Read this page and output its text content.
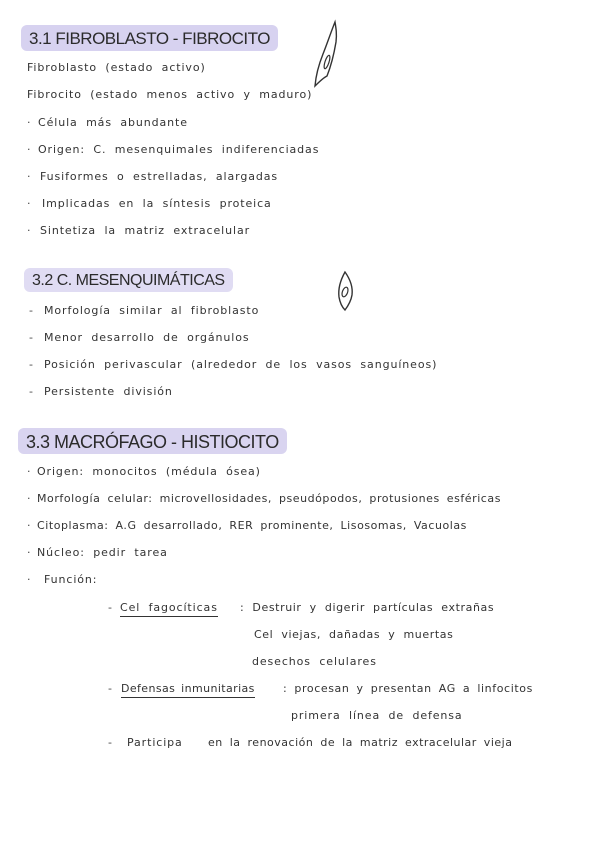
3.1 FIBROBLASTO - FIBROCITO
Fibroblasto (estado activo)
Fibrocito (estado menos activo y maduro)
· Célula más abundante
· Origen: C. mesenquimales indiferenciadas
· Fusiformes o estrelladas, alargadas
· Implicadas en la síntesis proteica
· Sintetiza la matriz extracelular
3.2 C. MESENQUIMÁTICAS
- Morfología similar al fibroblasto
- Menor desarrollo de orgánulos
- Posición perivascular (alrededor de los vasos sanguíneos)
- Persistente división
3.3 MACRÓFAGO - HISTIOCITO
· Origen: monocitos (médula ósea)
· Morfología celular: microvellosidades, pseudópodos, protusiones esféricas
· Citoplasma: A.G desarrollado, RER prominente, Lisosomas, Vacuolas
· Núcleo: pedir tarea
· Función:
- Cel fagocíticas : Destruir y digerir partículas extrañas
Cel viejas, dañadas y muertas
desechos celulares
- Defensas inmunitarias	: procesan y presentan AG a linfocitos
primera línea de defensa
- Participa en la renovación de la matriz extracelular vieja
